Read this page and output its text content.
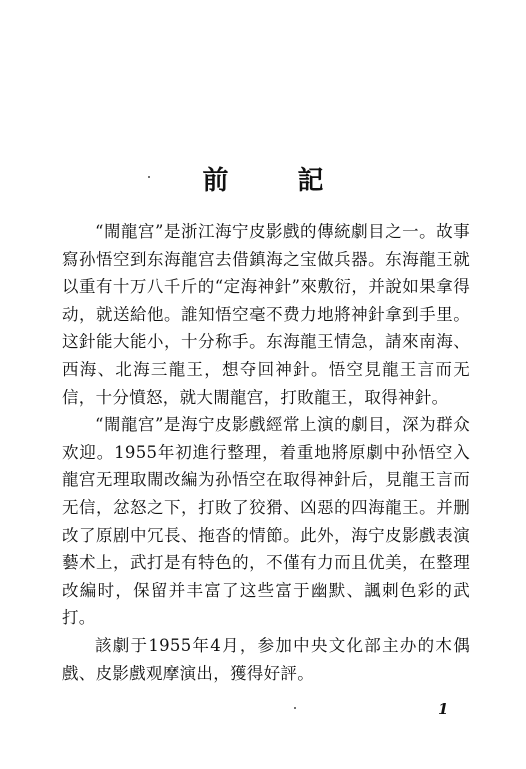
前 記

“閙龍宫”是浙江海宁皮影戲的傳統劇目之一。故事寫孙悟空到东海龍宫去借鎮海之宝做兵器。东海龍王就以重有十万八千斤的“定海神針”來敷衍，并說如果拿得动，就送給他。誰知悟空毫不费力地將神針拿到手里。这針能大能小，十分称手。东海龍王情急，請來南海、西海、北海三龍王，想夺回神針。悟空見龍王言而无信，十分憤怒，就大閙龍宫，打敗龍王，取得神針。

“閙龍宫”是海宁皮影戲經常上演的劇目，深为群众欢迎。1955年初進行整理，着重地將原劇中孙悟空入龍宫无理取閙改編为孙悟空在取得神針后，見龍王言而无信，忿怒之下，打敗了狡猾、凶惡的四海龍王。并删改了原剧中冗長、拖沓的情節。此外，海宁皮影戲表演藝术上，武打是有特色的，不僅有力而且优美，在整理改編时，保留并丰富了这些富于幽默、諷刺色彩的武打。

該劇于1955年4月，参加中央文化部主办的木偶戲、皮影戲观摩演出，獲得好評。

1
